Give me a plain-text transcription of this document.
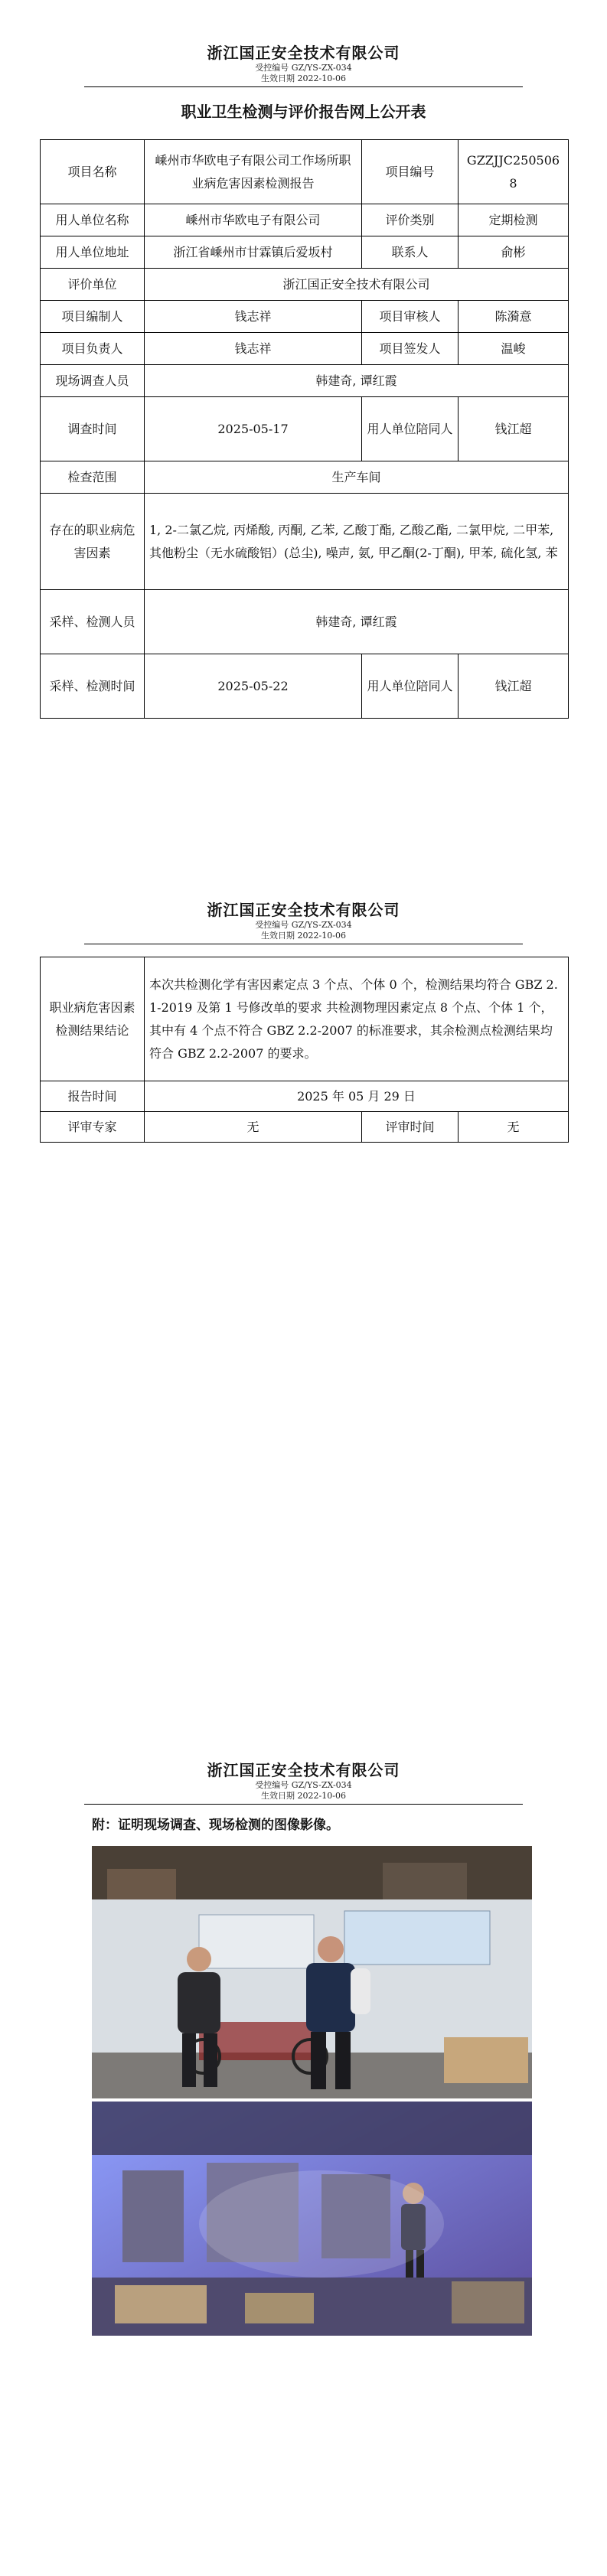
浙江国正安全技术有限公司
受控编号 GZ/YS-ZX-034
生效日期 2022-10-06
职业卫生检测与评价报告网上公开表
项目名称	嵊州市华欧电子有限公司工作场所职业病危害因素检测报告	项目编号	GZZJJC2505068
用人单位名称	嵊州市华欧电子有限公司	评价类别	定期检测
用人单位地址	浙江省嵊州市甘霖镇后爱坂村	联系人	俞彬
评价单位	浙江国正安全技术有限公司		
项目编制人	钱志祥	项目审核人	陈漪意
项目负责人	钱志祥	项目签发人	温峻
现场调查人员	韩建奇, 谭红霞		
调查时间	2025-05-17	用人单位陪同人	钱江超
检查范围	生产车间		
存在的职业病危害因素	1, 2-二氯乙烷, 丙烯酸, 丙酮, 乙苯, 乙酸丁酯, 乙酸乙酯, 二氯甲烷, 二甲苯, 其他粉尘（无水硫酸铝）(总尘), 噪声, 氨, 甲乙酮(2-丁酮), 甲苯, 硫化氢, 苯		
采样、检测人员	韩建奇, 谭红霞		
采样、检测时间	2025-05-22	用人单位陪同人	钱江超
浙江国正安全技术有限公司
受控编号 GZ/YS-ZX-034
生效日期 2022-10-06
职业病危害因素检测结果结论	本次共检测化学有害因素定点 3 个点、个体 0 个，检测结果均符合 GBZ 2.1-2019 及第 1 号修改单的要求 共检测物理因素定点 8 个点、个体 1 个，其中有 4 个点不符合 GBZ 2.2-2007 的标准要求，其余检测点检测结果均符合 GBZ 2.2-2007 的要求。		
报告时间	2025 年 05 月 29 日		
评审专家	无	评审时间	无
浙江国正安全技术有限公司
受控编号 GZ/YS-ZX-034
生效日期 2022-10-06
附：证明现场调查、现场检测的图像影像。
